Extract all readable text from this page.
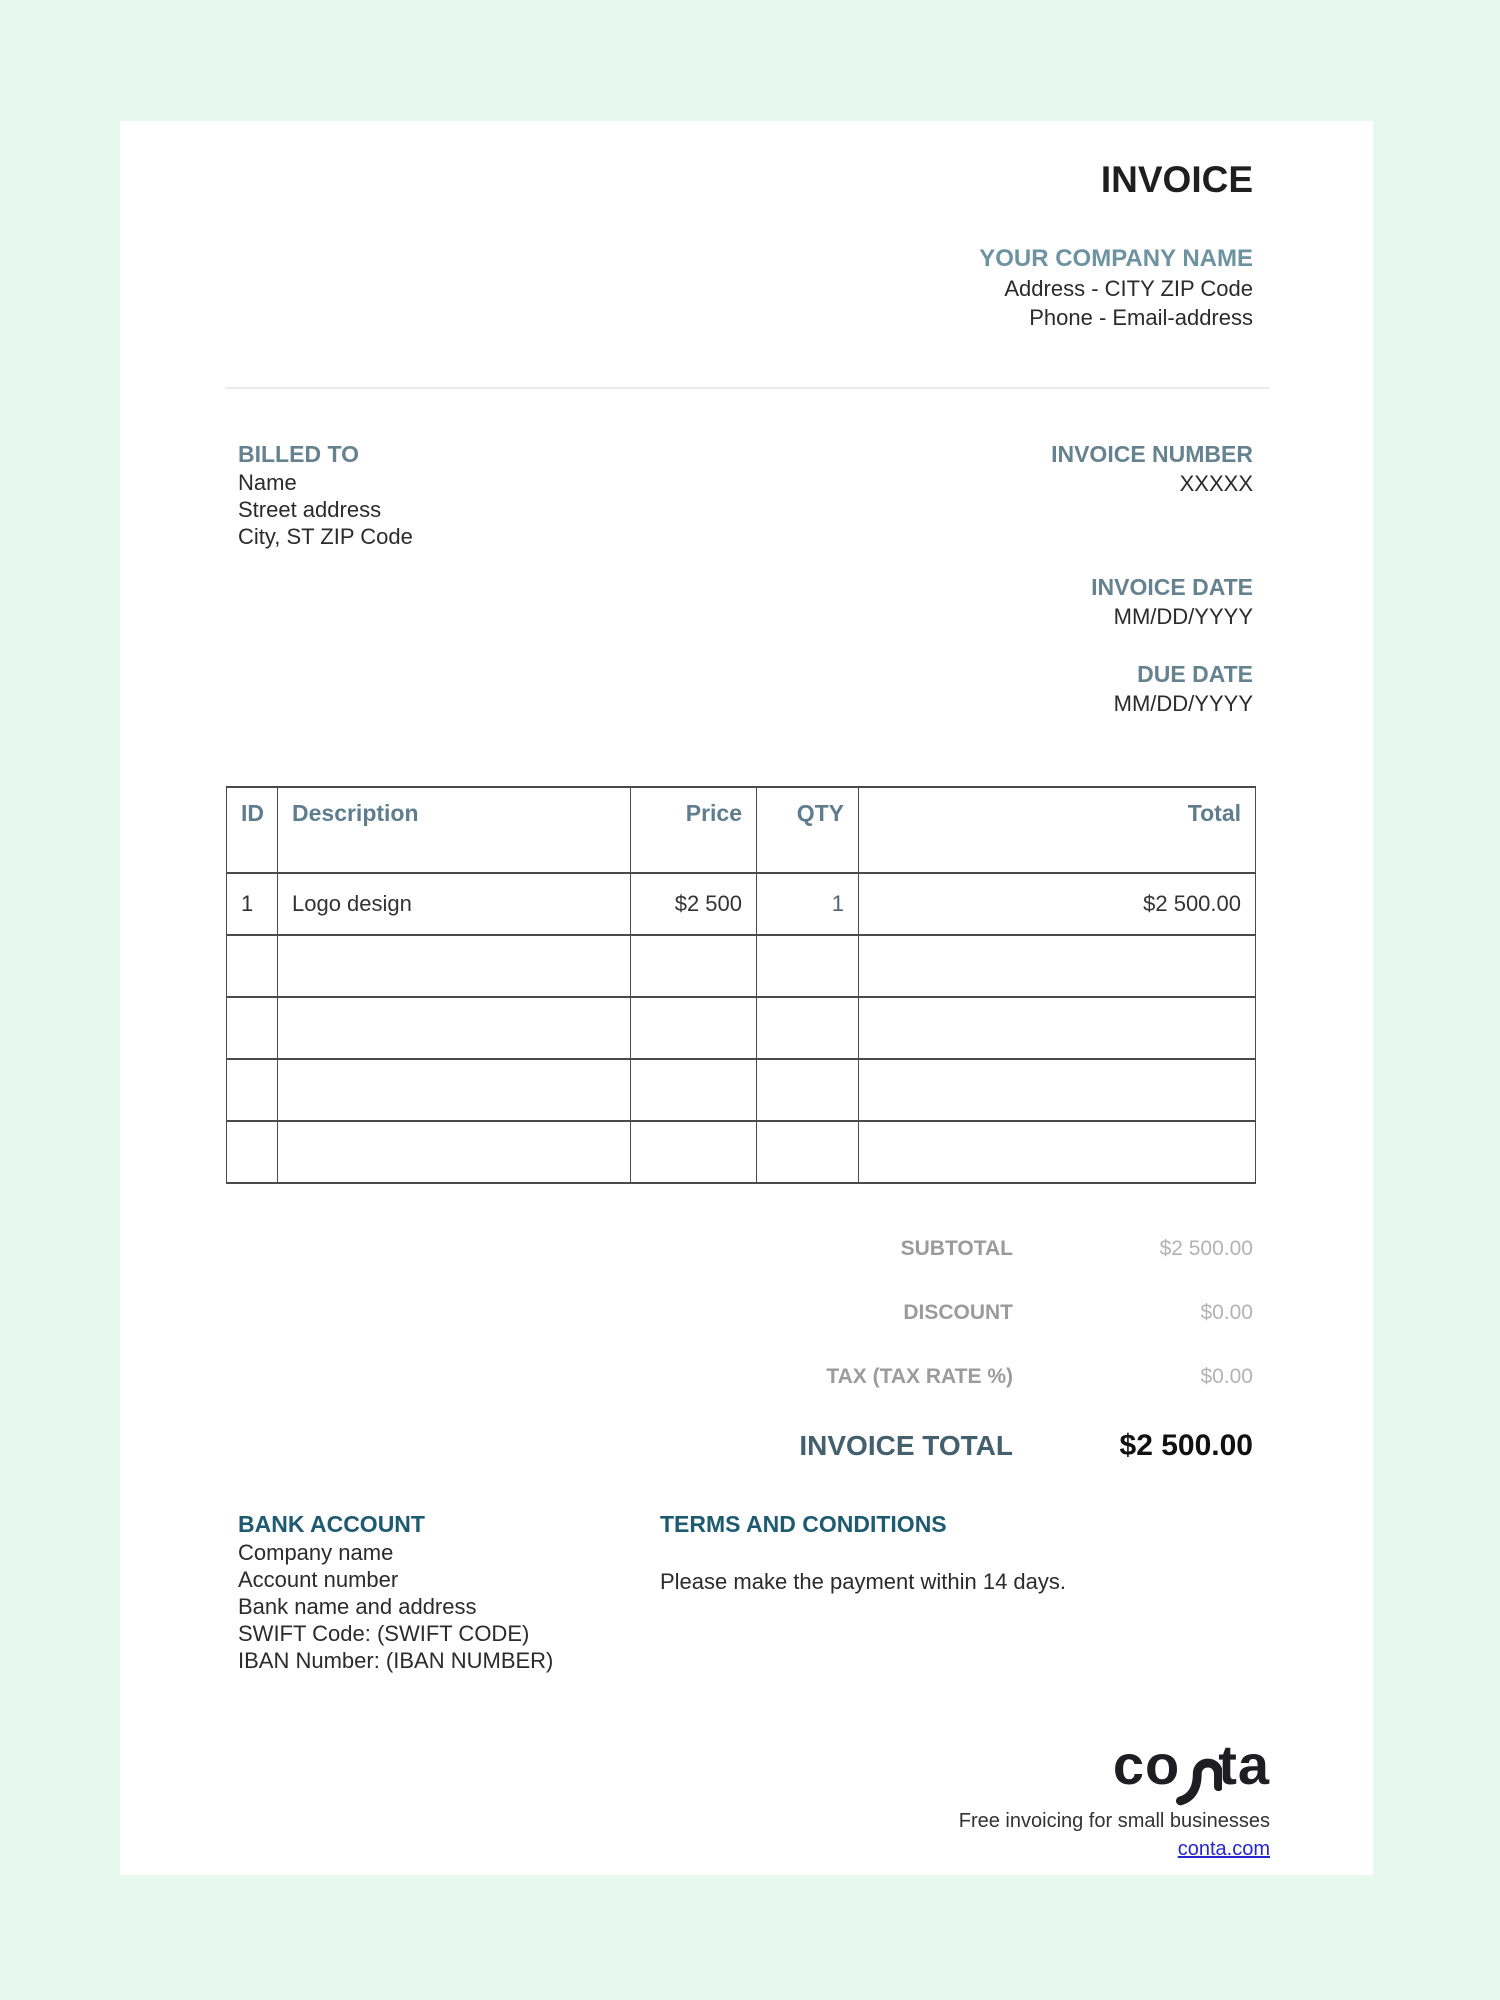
INVOICE
YOUR COMPANY NAME
Address - CITY ZIP Code
Phone - Email-address
BILLED TO
Name
Street address
City, ST ZIP Code
INVOICE NUMBER
XXXXX
INVOICE DATE
MM/DD/YYYY
DUE DATE
MM/DD/YYYY
ID	Description	Price	QTY	Total
1	Logo design	$2 500	1	$2 500.00

SUBTOTAL	$2 500.00
DISCOUNT	$0.00
TAX (TAX RATE %)	$0.00
INVOICE TOTAL	$2 500.00
BANK ACCOUNT
Company name
Account number
Bank name and address
SWIFT Code: (SWIFT CODE)
IBAN Number: (IBAN NUMBER)
TERMS AND CONDITIONS
Please make the payment within 14 days.
co ta
Free invoicing for small businesses
conta.com
